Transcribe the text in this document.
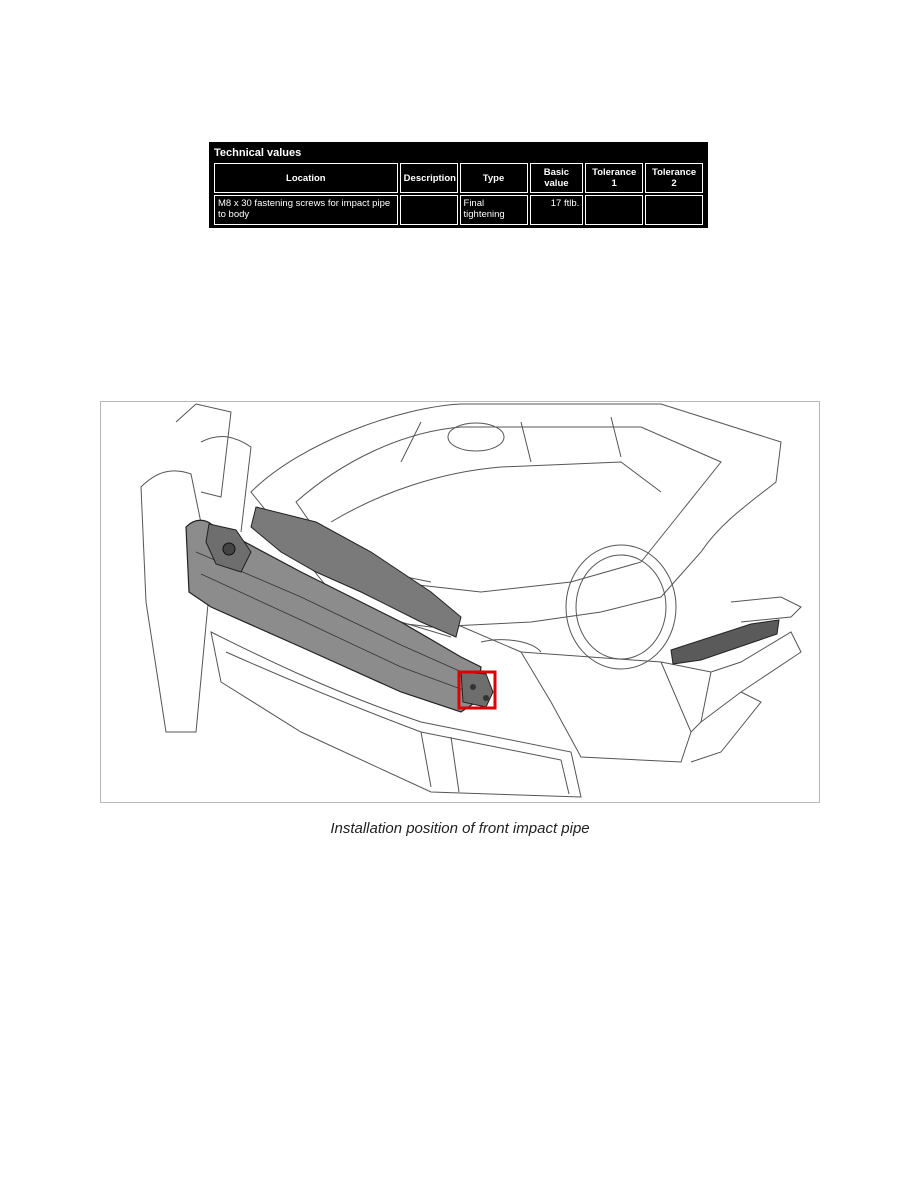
Technical values
Location	Description	Type	Basic value	Tolerance 1	Tolerance 2
M8 x 30 fastening screws for impact pipe to body		Final tightening	17 ftlb.		
Installation position of front impact pipe
